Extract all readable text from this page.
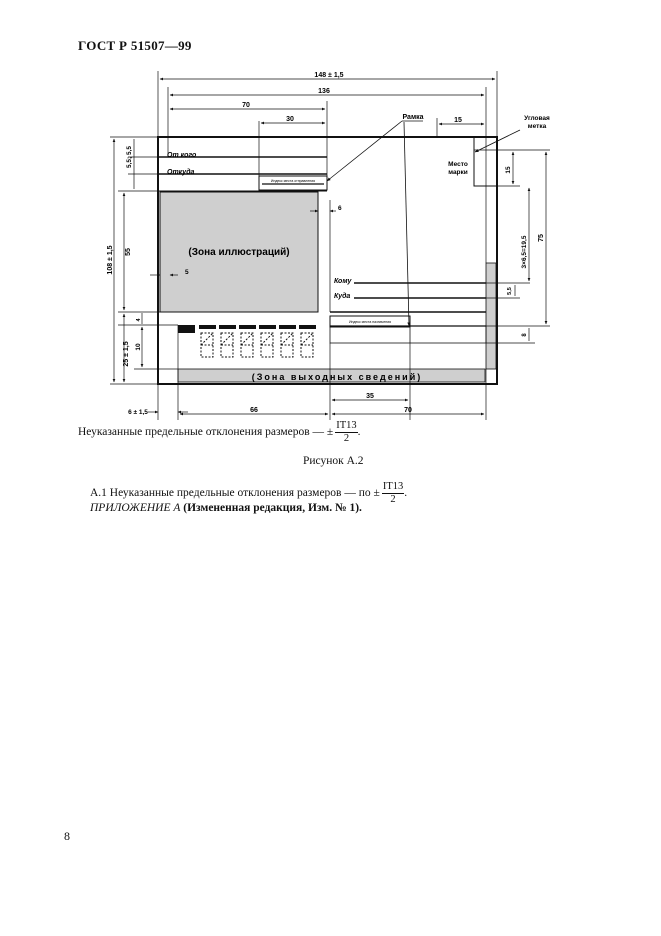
ГОСТ Р 51507—99
(Зона иллюстраций)
(Зона выходных сведений)
От кого
Откуда
Индекс места отправления
Кому
Куда
Индекс места назначения
Место марки
Рамка	Угловая метка
148 ± 1,5
136
70
30	15
108 ± 1,5 55
5,5; 5,5
25 ± 1,5 10
4
5
6
15
75
3×6,5=19,5
5,5
8
6 ± 1,5	66
35
70
Неуказанные предельные отклонения размеров — ± $\frac{IT13}{2}$ .
Рисунок А.2
А.1 Неуказанные предельные отклонения размеров — по ± $\frac{IT13}{2}$ .
ПРИЛОЖЕНИЕ А (Измененная редакция, Изм. № 1).
8
